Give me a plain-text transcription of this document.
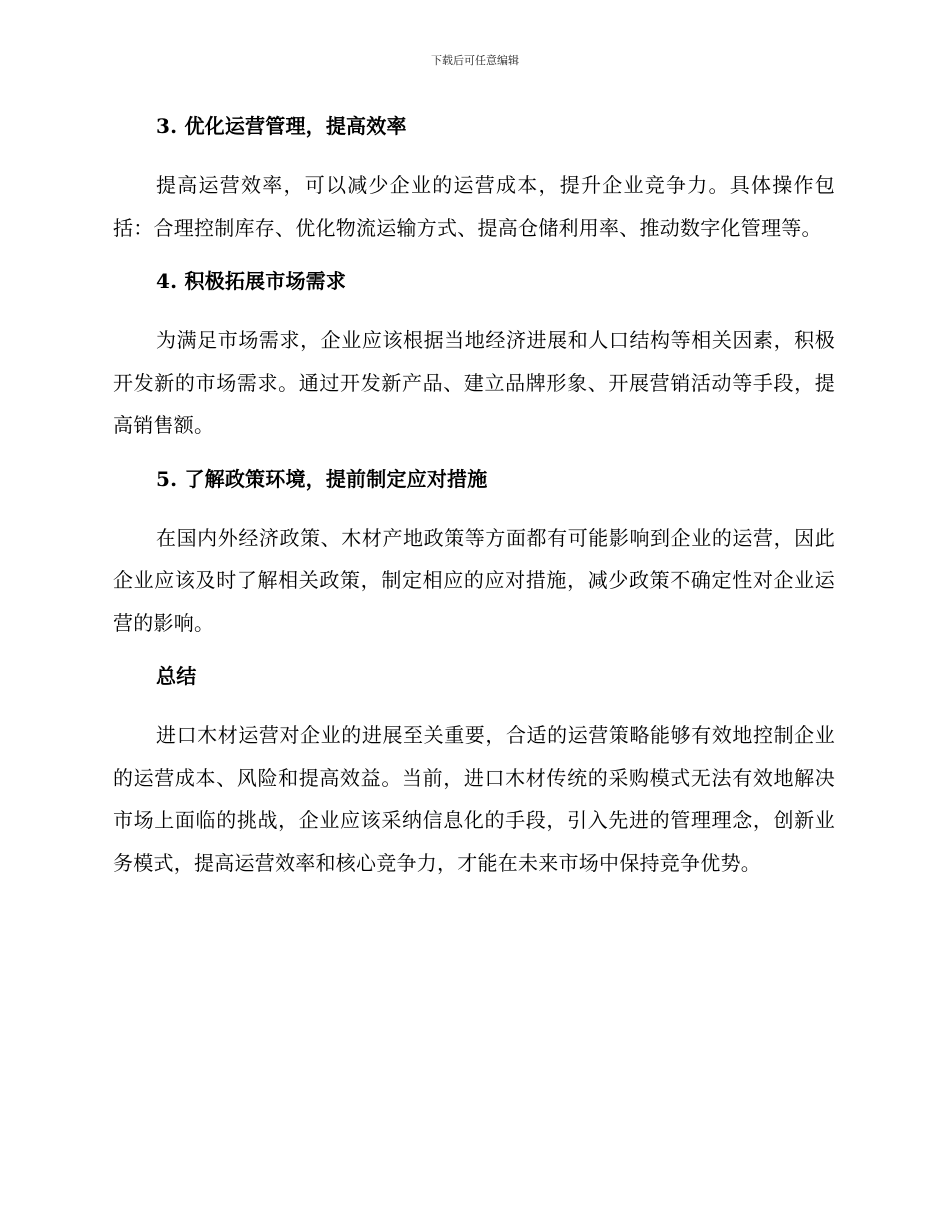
下载后可任意编辑
3. 优化运营管理，提高效率

提高运营效率，可以减少企业的运营成本，提升企业竞争力。具体操作包括：合理控制库存、优化物流运输方式、提高仓储利用率、推动数字化管理等。

4. 积极拓展市场需求

为满足市场需求，企业应该根据当地经济进展和人口结构等相关因素，积极开发新的市场需求。通过开发新产品、建立品牌形象、开展营销活动等手段，提高销售额。

5. 了解政策环境，提前制定应对措施

在国内外经济政策、木材产地政策等方面都有可能影响到企业的运营，因此企业应该及时了解相关政策，制定相应的应对措施，减少政策不确定性对企业运营的影响。

总结

进口木材运营对企业的进展至关重要，合适的运营策略能够有效地控制企业的运营成本、风险和提高效益。当前，进口木材传统的采购模式无法有效地解决市场上面临的挑战，企业应该采纳信息化的手段，引入先进的管理理念，创新业务模式，提高运营效率和核心竞争力，才能在未来市场中保持竞争优势。
